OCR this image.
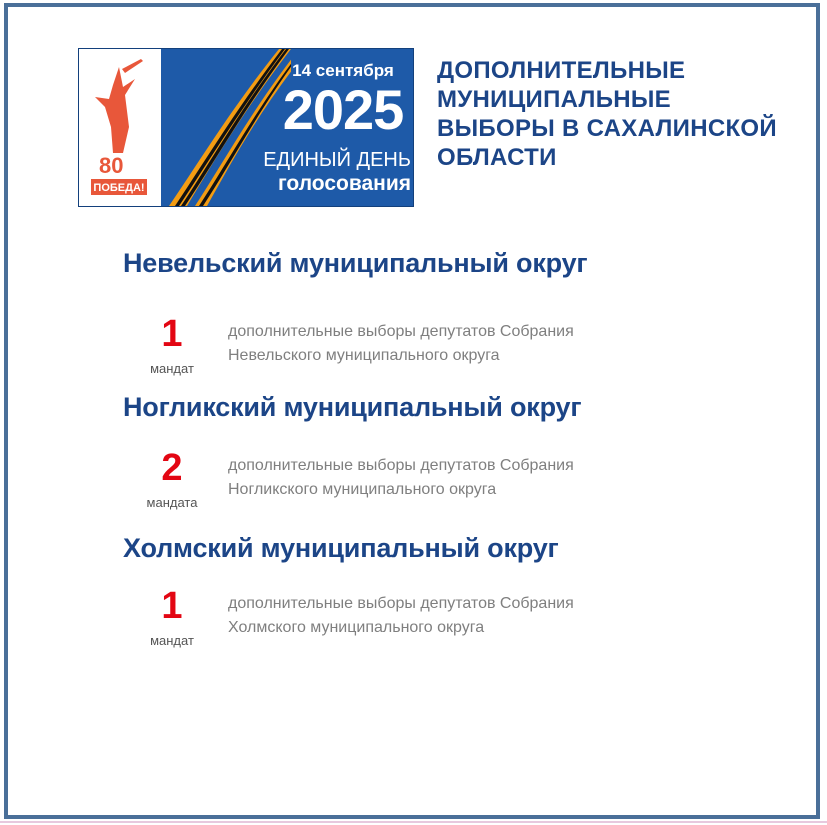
80
ПОБЕДА!
14 сентября
2025
ЕДИНЫЙ ДЕНЬ
голосования
ДОПОЛНИТЕЛЬНЫЕ
МУНИЦИПАЛЬНЫЕ
ВЫБОРЫ В САХАЛИНСКОЙ
ОБЛАСТИ
Невельский муниципальный округ
1
мандат
дополнительные выборы депутатов Собрания
Невельского муниципального округа
Ногликский муниципальный округ
2
мандата
дополнительные выборы депутатов Собрания
Ногликского муниципального округа
Холмский муниципальный округ
1
мандат
дополнительные выборы депутатов Собрания
Холмского муниципального округа
